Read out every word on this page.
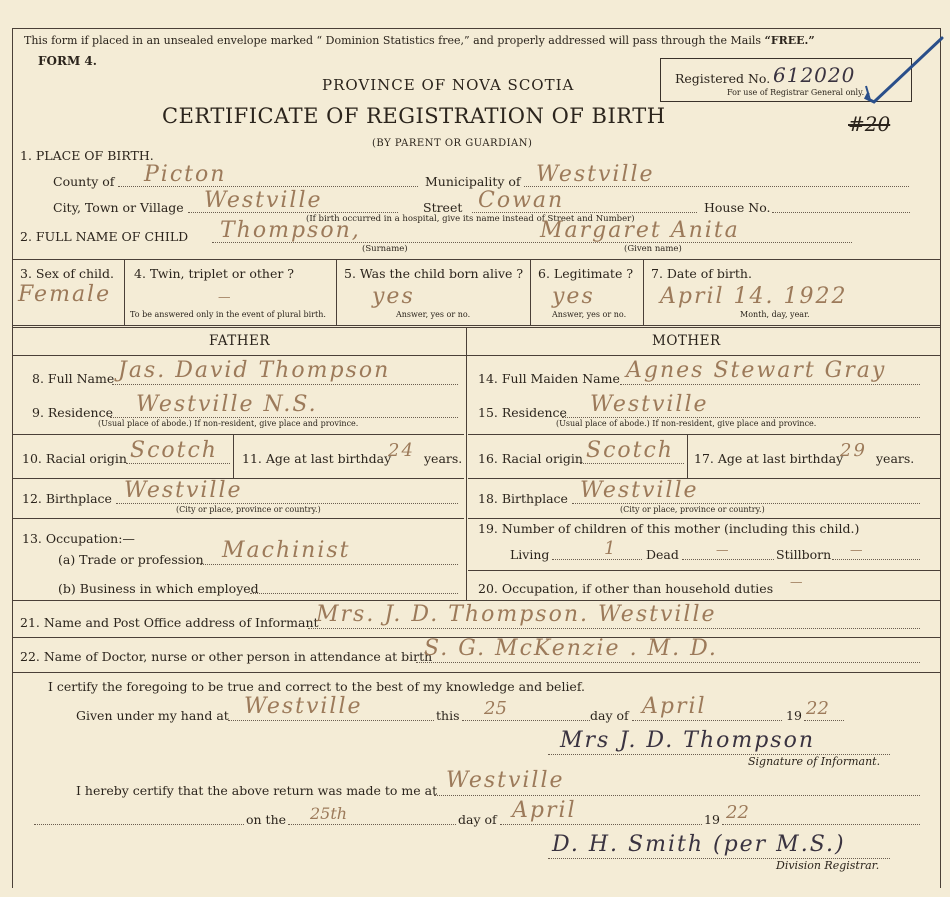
This form if placed in an unsealed envelope marked “ Dominion Statistics free,” and properly addressed will pass through the Mails “FREE.”
FORM 4.
PROVINCE OF NOVA SCOTIA
CERTIFICATE OF REGISTRATION OF BIRTH
(BY PARENT OR GUARDIAN)
Registered No. 612020
For use of Registrar General only.
#20
1. PLACE OF BIRTH.
County of Picton	Municipality of Westville
City, Town or Village Westville	Street Cowan	House No.
(If birth occurred in a hospital, give its name instead of Street and Number)
2. FULL NAME OF CHILD Thompson,	Margaret Anita
(Surname)	(Given name)
3. Sex of child.
Female
4. Twin, triplet or other ?
—
To be answered only in the event of plural birth.
5. Was the child born alive ?
yes
Answer, yes or no.
6. Legitimate ?
yes
Answer, yes or no.
7. Date of birth.
April 14. 1922
Month, day, year.
FATHER	MOTHER
8. Full Name Jas. David Thompson
9. Residence Westville N.S.
(Usual place of abode.) If non-resident, give place and province.
10. Racial origin Scotch 11. Age at last birthday
24 years.
12. Birthplace Westville
(City or place, province or country.)
13. Occupation:—
(a) Trade or profession Machinist
(b) Business in which employed
14. Full Maiden Name Agnes Stewart Gray
15. Residence Westville
(Usual place of abode.) If non-resident, give place and province.
16. Racial origin Scotch 17. Age at last birthday
29 years.
18. Birthplace Westville
(City or place, province or country.)
19. Number of children of this mother (including this child.)
Living	1 Dead	—	Stillborn —
20. Occupation, if other than household duties —
21. Name and Post Office address of Informant
Mrs. J. D. Thompson. Westville
22. Name of Doctor, nurse or other person in attendance at birth
S. G. McKenzie . M. D.
I certify the foregoing to be true and correct to the best of my knowledge and belief.
Given under my hand at Westville	this 25	day of April	19 22
Mrs J. D. Thompson
Signature of Informant.
I hereby certify that the above return was made to me at Westville
on the 25th	day of April	19 22
D. H. Smith (per M.S.)
Division Registrar.
